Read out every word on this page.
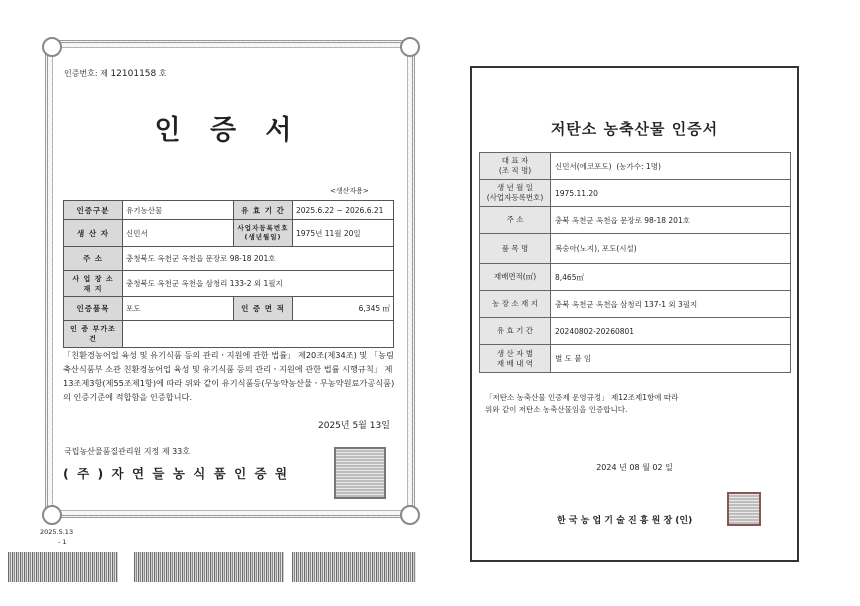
인증번호: 제 12101158 호
인 증 서
<생산자용>
인증구분	유기농산물	유 효 기 간	2025.6.22 ~ 2026.6.21
생 산 자	신민서	사업자등록번호(생년월일)	1975년 11월 20일
주 소	충청북도 옥천군 옥천읍 문장로 98-18 201호		
사 업 장 소 재 지	충청북도 옥천군 옥천읍 삼청리 133-2 외 1필지		
인증품목	포도	인 증 면 적	6,345 ㎡
인 증 부가조건			
「친환경농어업 육성 및 유기식품 등의 관리ㆍ지원에 관한 법률」 제20조(제34조) 및 「농림축산식품부 소관 친환경농어업 육성 및 유기식품 등의 관리ㆍ지원에 관한 법률 시행규칙」 제13조제3항(제55조제1항)에 따라 위와 같이 유기식품등(무농약농산물ㆍ무농약원료가공식품)의 인증기준에 적합함을 인증합니다.
2025년 5월 13일
국립농산물품질관리원 지정 제 33호
( 주 ) 자 연 들 농 식 품 인 증 원
2025.5.13
- 1
저탄소 농축산물 인증서
대 표 자
(조 직 명)	신민서(에코포도) (농가수: 1명)

생 년 월 일
(사업자등록번호)	1975.11.20
주 소	충북 옥천군 옥천읍 문장로 98-18 201호
품 목 명	복숭아(노지), 포도(시설)
재배면적(㎡)	8,465㎡
농 장 소 재 지	충북 옥천군 옥천읍 삼청리 137-1 외 3필지
유 효 기 간	20240802-20260801

생 산 자 별
재 배 내 역	별 도 붙 임
「저탄소 농축산물 인증제 운영규정」 제12조제1항에 따라
위와 같이 저탄소 농축산물임을 인증합니다.
2024 년 08 월 02 일
한 국 농 업 기 술 진 흥 원 장 (인)
